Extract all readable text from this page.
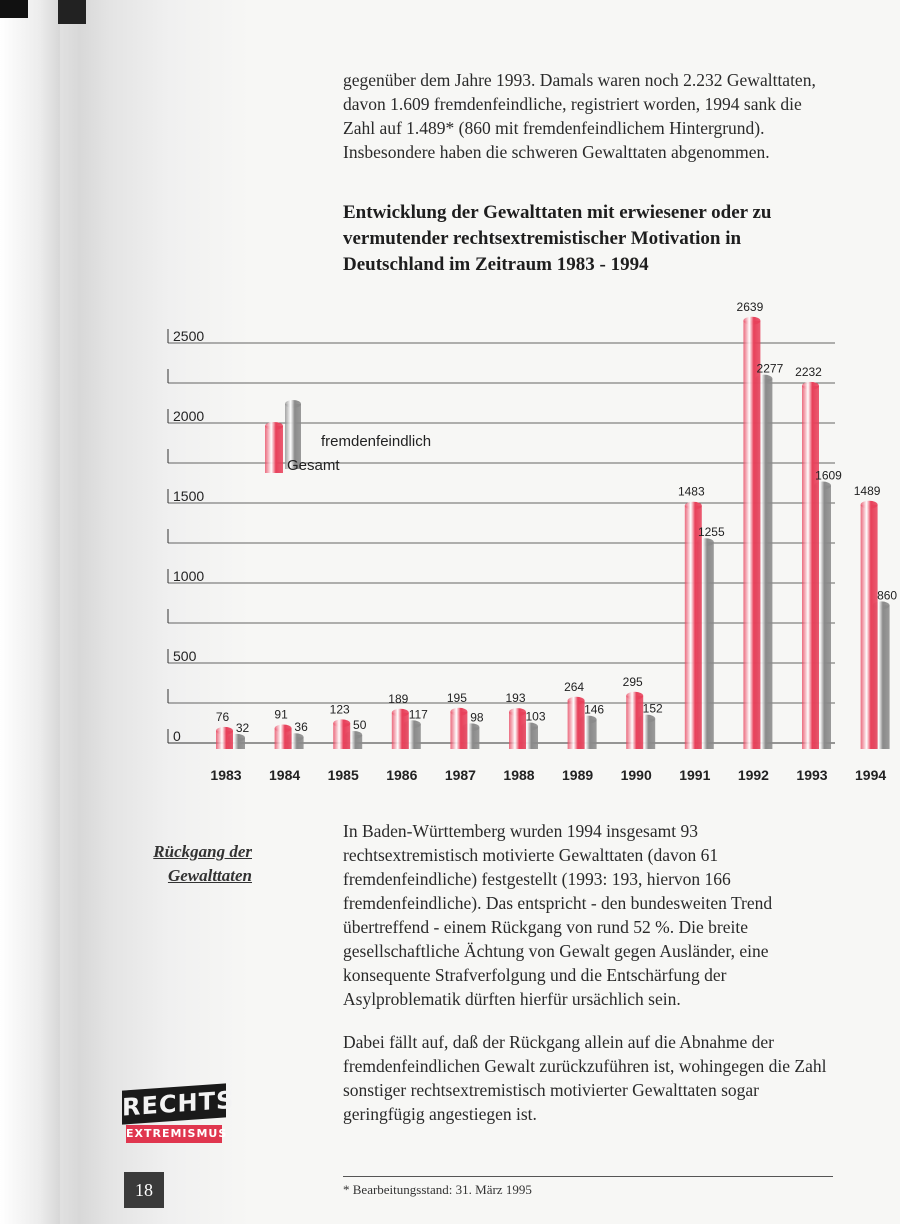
gegenüber dem Jahre 1993. Damals waren noch 2.232 Gewalttaten, davon 1.609 fremdenfeindliche, registriert worden, 1994 sank die Zahl auf 1.489* (860 mit fremdenfeindlichem Hintergrund). Insbesondere haben die schweren Gewalttaten abgenommen.
Entwicklung der Gewalttaten mit erwiesener oder zu vermutender rechtsextremistischer Motivation in Deutschland im Zeitraum 1983 - 1994
0
500
1000
1500
2000
2500
1983
76
32
1984
91
36
1985
123
50
1986
189
117
1987
195
98
1988
193
103
1989
264
146
1990
295
152
1991
1483
1255
1992
2639
2277
1993
2232
1609
1994
1489
860
fremdenfeindlich
Gesamt
Rückgang der
Gewalttaten
In Baden-Württemberg wurden 1994 insgesamt 93 rechtsextremistisch motivierte Gewalttaten (davon 61 fremdenfeindliche) festgestellt (1993: 193, hiervon 166 fremdenfeindliche). Das entspricht - den bundesweiten Trend übertreffend - einem Rückgang von rund 52 %. Die breite gesellschaftliche Ächtung von Gewalt gegen Ausländer, eine konsequente Strafverfolgung und die Entschärfung der Asylproblematik dürften hierfür ursächlich sein.
Dabei fällt auf, daß der Rückgang allein auf die Abnahme der fremdenfeindlichen Gewalt zurückzuführen ist, wohingegen die Zahl sonstiger rechtsextremistisch motivierter Gewalttaten sogar geringfügig angestiegen ist.
RECHTS
EXTREMISMUS
18	* Bearbeitungsstand: 31. März 1995
